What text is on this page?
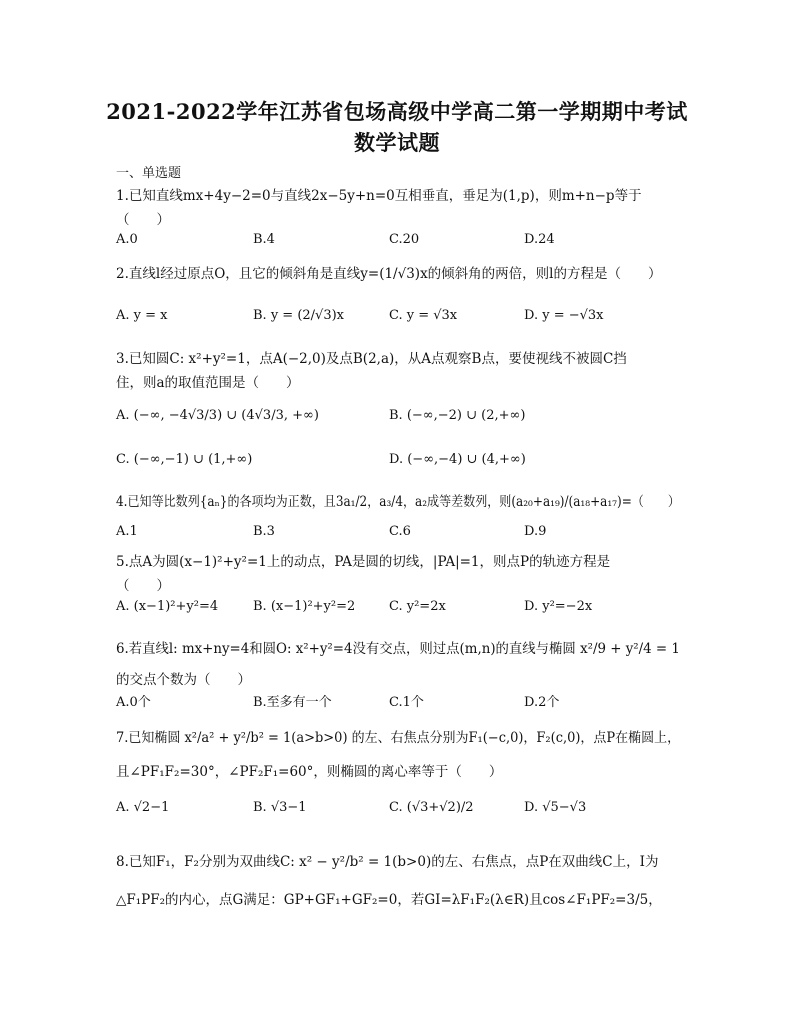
2021-2022学年江苏省包场高级中学高二第一学期期中考试
数学试题
一、单选题
1.已知直线mx+4y−2=0与直线2x−5y+n=0互相垂直，垂足为(1,p)，则m+n−p等于
（　　）
A.0	B.4	C.20	D.24
2.直线l经过原点O，且它的倾斜角是直线y=(1/√3)x的倾斜角的两倍，则l的方程是（　　）
A. y = x	B. y = (2/√3)x	C. y = √3x	D. y = −√3x
3.已知圆C: x²+y²=1，点A(−2,0)及点B(2,a)，从A点观察B点，要使视线不被圆C挡
住，则a的取值范围是（　　）
A. (−∞, −4√3/3) ∪ (4√3/3, +∞)	B. (−∞,−2) ∪ (2,+∞)
C. (−∞,−1) ∪ (1,+∞)	D. (−∞,−4) ∪ (4,+∞)
4.已知等比数列{aₙ}的各项均为正数，且3a₁/2，a₃/4，a₂成等差数列，则(a₂₀+a₁₉)/(a₁₈+a₁₇)=（　　）
A.1	B.3	C.6	D.9
5.点A为圆(x−1)²+y²=1上的动点，PA是圆的切线，|PA|=1，则点P的轨迹方程是
（　　）
A. (x−1)²+y²=4	B. (x−1)²+y²=2	C. y²=2x	D. y²=−2x
6.若直线l: mx+ny=4和圆O: x²+y²=4没有交点，则过点(m,n)的直线与椭圆 x²/9 + y²/4 = 1
的交点个数为（　　）
A.0个	B.至多有一个	C.1个	D.2个
7.已知椭圆 x²/a² + y²/b² = 1(a>b>0) 的左、右焦点分别为F₁(−c,0)，F₂(c,0)，点P在椭圆上，
且∠PF₁F₂=30°，∠PF₂F₁=60°，则椭圆的离心率等于（　　）
A. √2−1	B. √3−1	C. (√3+√2)/2	D. √5−√3
8.已知F₁，F₂分别为双曲线C: x² − y²/b² = 1(b>0)的左、右焦点，点P在双曲线C上，I为
△F₁PF₂的内心，点G满足：GP+GF₁+GF₂=0，若GI=λF₁F₂(λ∈R)且cos∠F₁PF₂=3/5，
